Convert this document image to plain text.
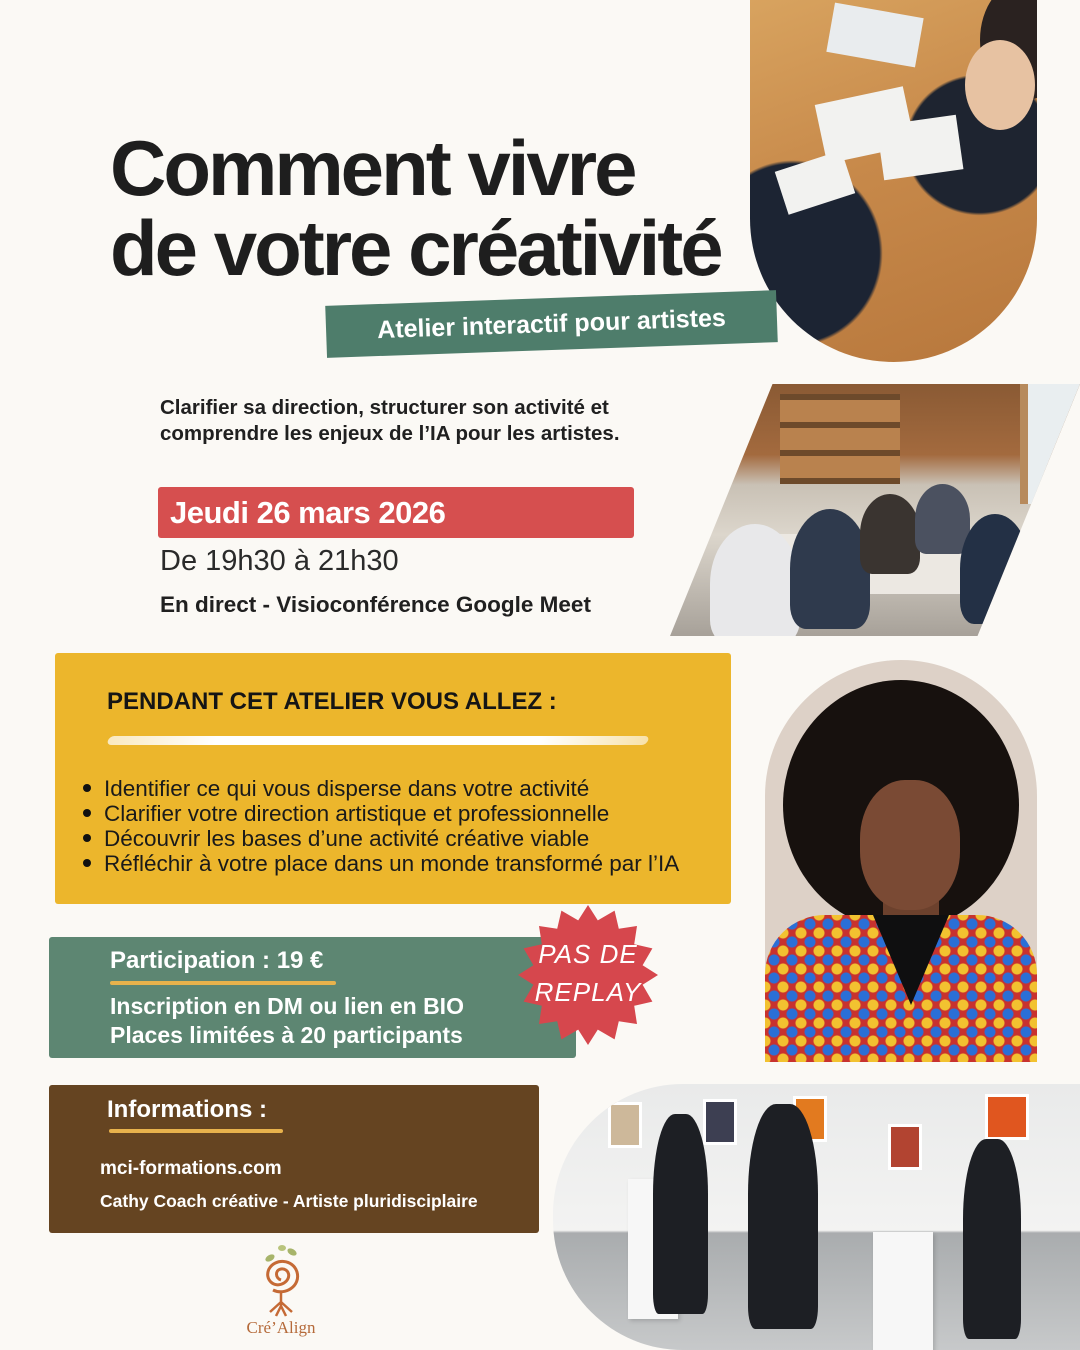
Comment vivre
de votre créativité
Atelier interactif pour artistes
Clarifier sa direction, structurer son activité et
comprendre les enjeux de l’IA pour les artistes.
Jeudi 26 mars 2026
De 19h30 à 21h30
En direct - Visioconférence Google Meet
PENDANT CET ATELIER VOUS ALLEZ :
Identifier ce qui vous disperse dans votre activité
Clarifier votre direction artistique et professionnelle
Découvrir les bases d’une activité créative viable
Réfléchir à votre place dans un monde transformé par l’IA
Participation : 19 €
Inscription en DM ou lien en BIO
Places limitées à 20 participants
PAS DE
REPLAY
Informations :
mci-formations.com
Cathy Coach créative - Artiste pluridisciplaire
Cré’Align
